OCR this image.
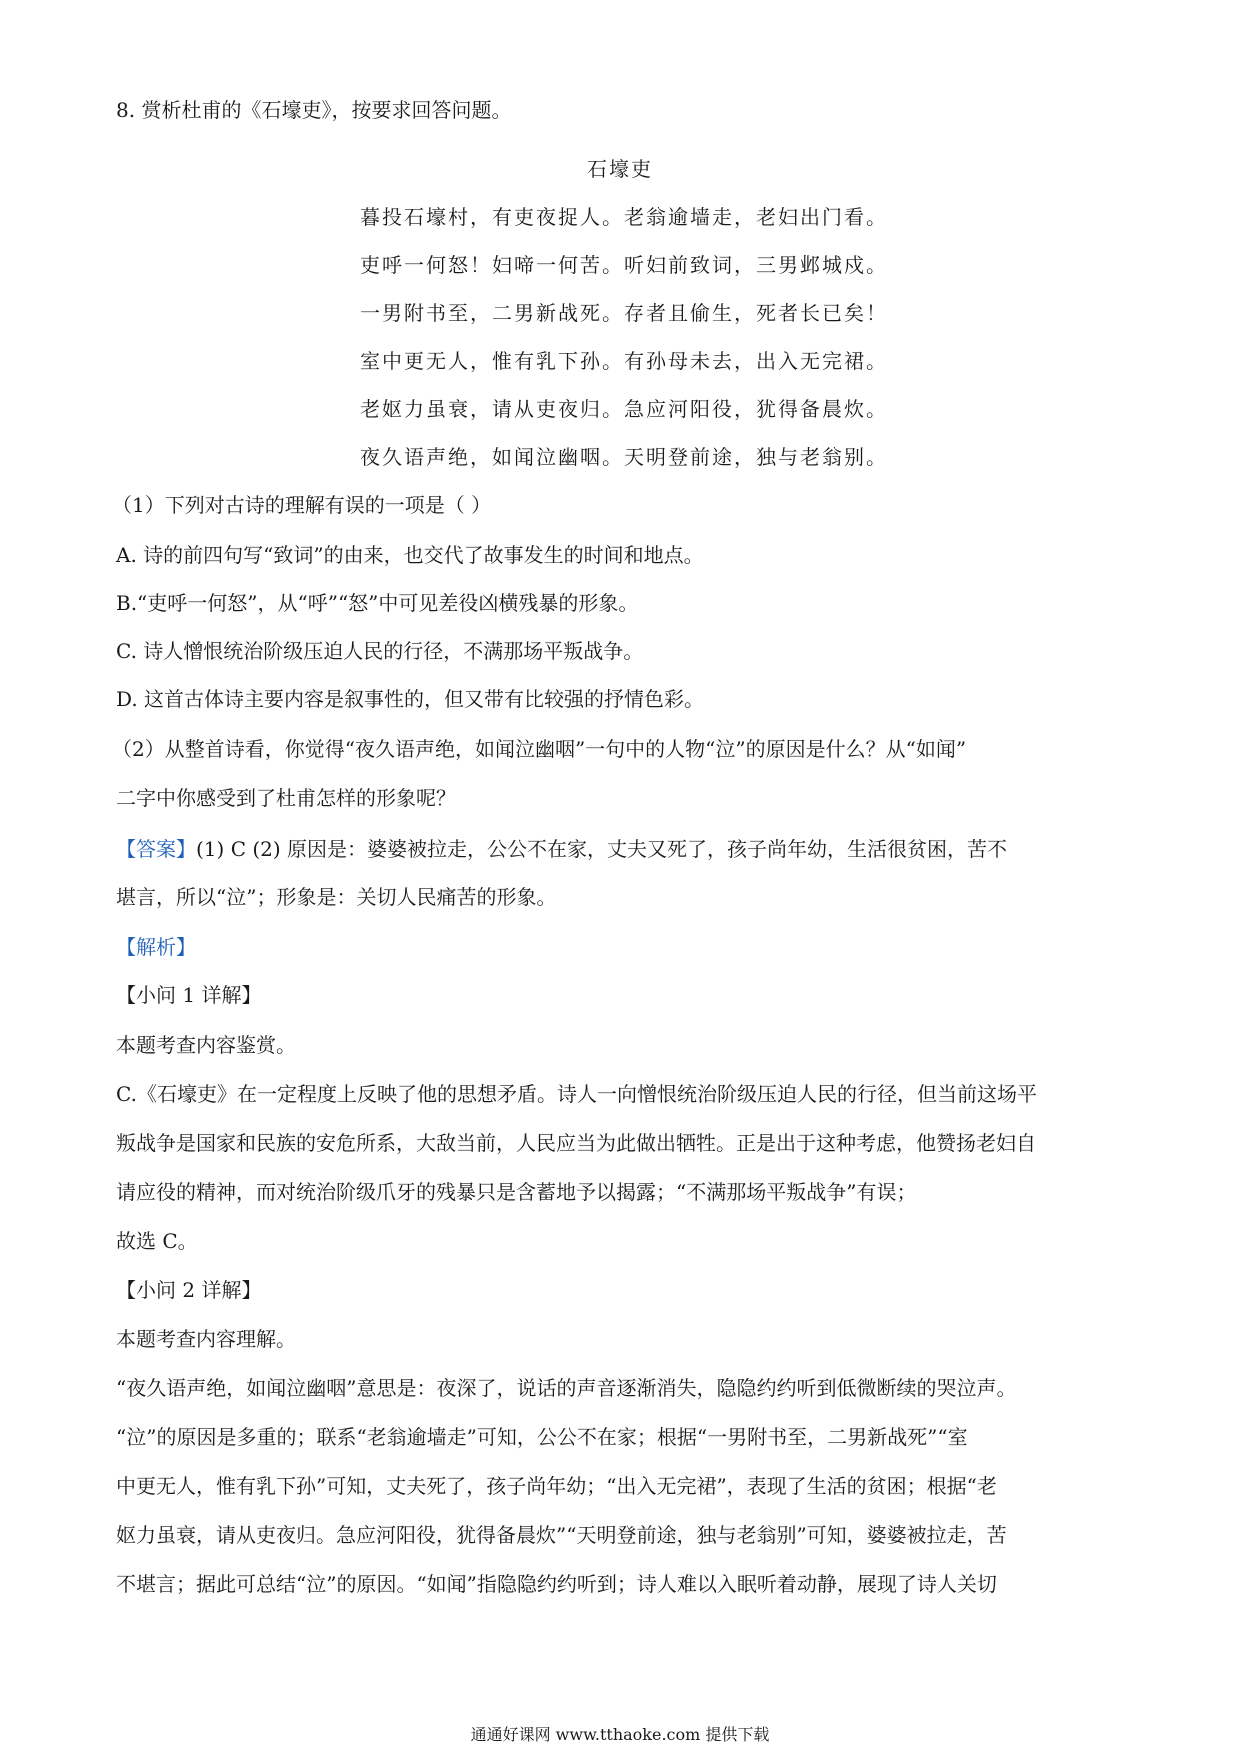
8. 赏析杜甫的《石壕吏》，按要求回答问题。
石壕吏
暮投石壕村，有吏夜捉人。老翁逾墙走，老妇出门看。
吏呼一何怒！妇啼一何苦。听妇前致词，三男邺城戍。
一男附书至，二男新战死。存者且偷生，死者长已矣！
室中更无人，惟有乳下孙。有孙母未去，出入无完裙。
老妪力虽衰，请从吏夜归。急应河阳役，犹得备晨炊。
夜久语声绝，如闻泣幽咽。天明登前途，独与老翁别。
（1）下列对古诗的理解有误的一项是（ ）
A. 诗的前四句写“致词”的由来，也交代了故事发生的时间和地点。
B.“吏呼一何怒”，从“呼”“怒”中可见差役凶横残暴的形象。
C. 诗人憎恨统治阶级压迫人民的行径，不满那场平叛战争。
D. 这首古体诗主要内容是叙事性的，但又带有比较强的抒情色彩。
（2）从整首诗看，你觉得“夜久语声绝，如闻泣幽咽”一句中的人物“泣”的原因是什么？从“如闻”
二字中你感受到了杜甫怎样的形象呢？
【答案】(1) C (2) 原因是：婆婆被拉走，公公不在家，丈夫又死了，孩子尚年幼，生活很贫困，苦不
堪言，所以“泣”；形象是：关切人民痛苦的形象。
【解析】
【小问 1 详解】
本题考查内容鉴赏。
C.《石壕吏》在一定程度上反映了他的思想矛盾。诗人一向憎恨统治阶级压迫人民的行径，但当前这场平
叛战争是国家和民族的安危所系，大敌当前，人民应当为此做出牺牲。正是出于这种考虑，他赞扬老妇自
请应役的精神，而对统治阶级爪牙的残暴只是含蓄地予以揭露；“不满那场平叛战争”有误；
故选 C。
【小问 2 详解】
本题考查内容理解。
“夜久语声绝，如闻泣幽咽”意思是：夜深了，说话的声音逐渐消失，隐隐约约听到低微断续的哭泣声。
“泣”的原因是多重的；联系“老翁逾墙走”可知，公公不在家；根据“一男附书至，二男新战死”“室
中更无人，惟有乳下孙”可知，丈夫死了，孩子尚年幼；“出入无完裙”，表现了生活的贫困；根据“老
妪力虽衰，请从吏夜归。急应河阳役，犹得备晨炊”“天明登前途，独与老翁别”可知，婆婆被拉走，苦
不堪言；据此可总结“泣”的原因。“如闻”指隐隐约约听到；诗人难以入眠听着动静，展现了诗人关切
通通好课网 www.tthaoke.com 提供下载
